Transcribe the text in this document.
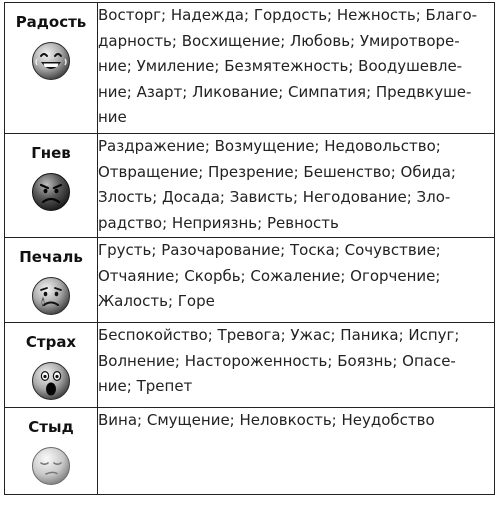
Радость	Восторг; Надежда; Гордость; Нежность; Благо-
дарность; Восхищение; Любовь; Умиротворе-
ние; Умиление; Безмятежность; Воодушевле-
ние; Азарт; Ликование; Симпатия; Предвкуше-
ние

Гнев	Раздражение; Возмущение; Недовольство;
Отвращение; Презрение; Бешенство; Обида;
Злость; Досада; Зависть; Негодование; Зло-
радство; Неприязнь; Ревность

Печаль	Грусть; Разочарование; Тоска; Сочувствие;
Отчаяние; Скорбь; Сожаление; Огорчение;
Жалость; Горе

Страх	Беспокойство; Тревога; Ужас; Паника; Испуг;
Волнение; Настороженность; Боязнь; Опасе-
ние; Трепет

Стыд	Вина; Смущение; Неловкость; Неудобство
